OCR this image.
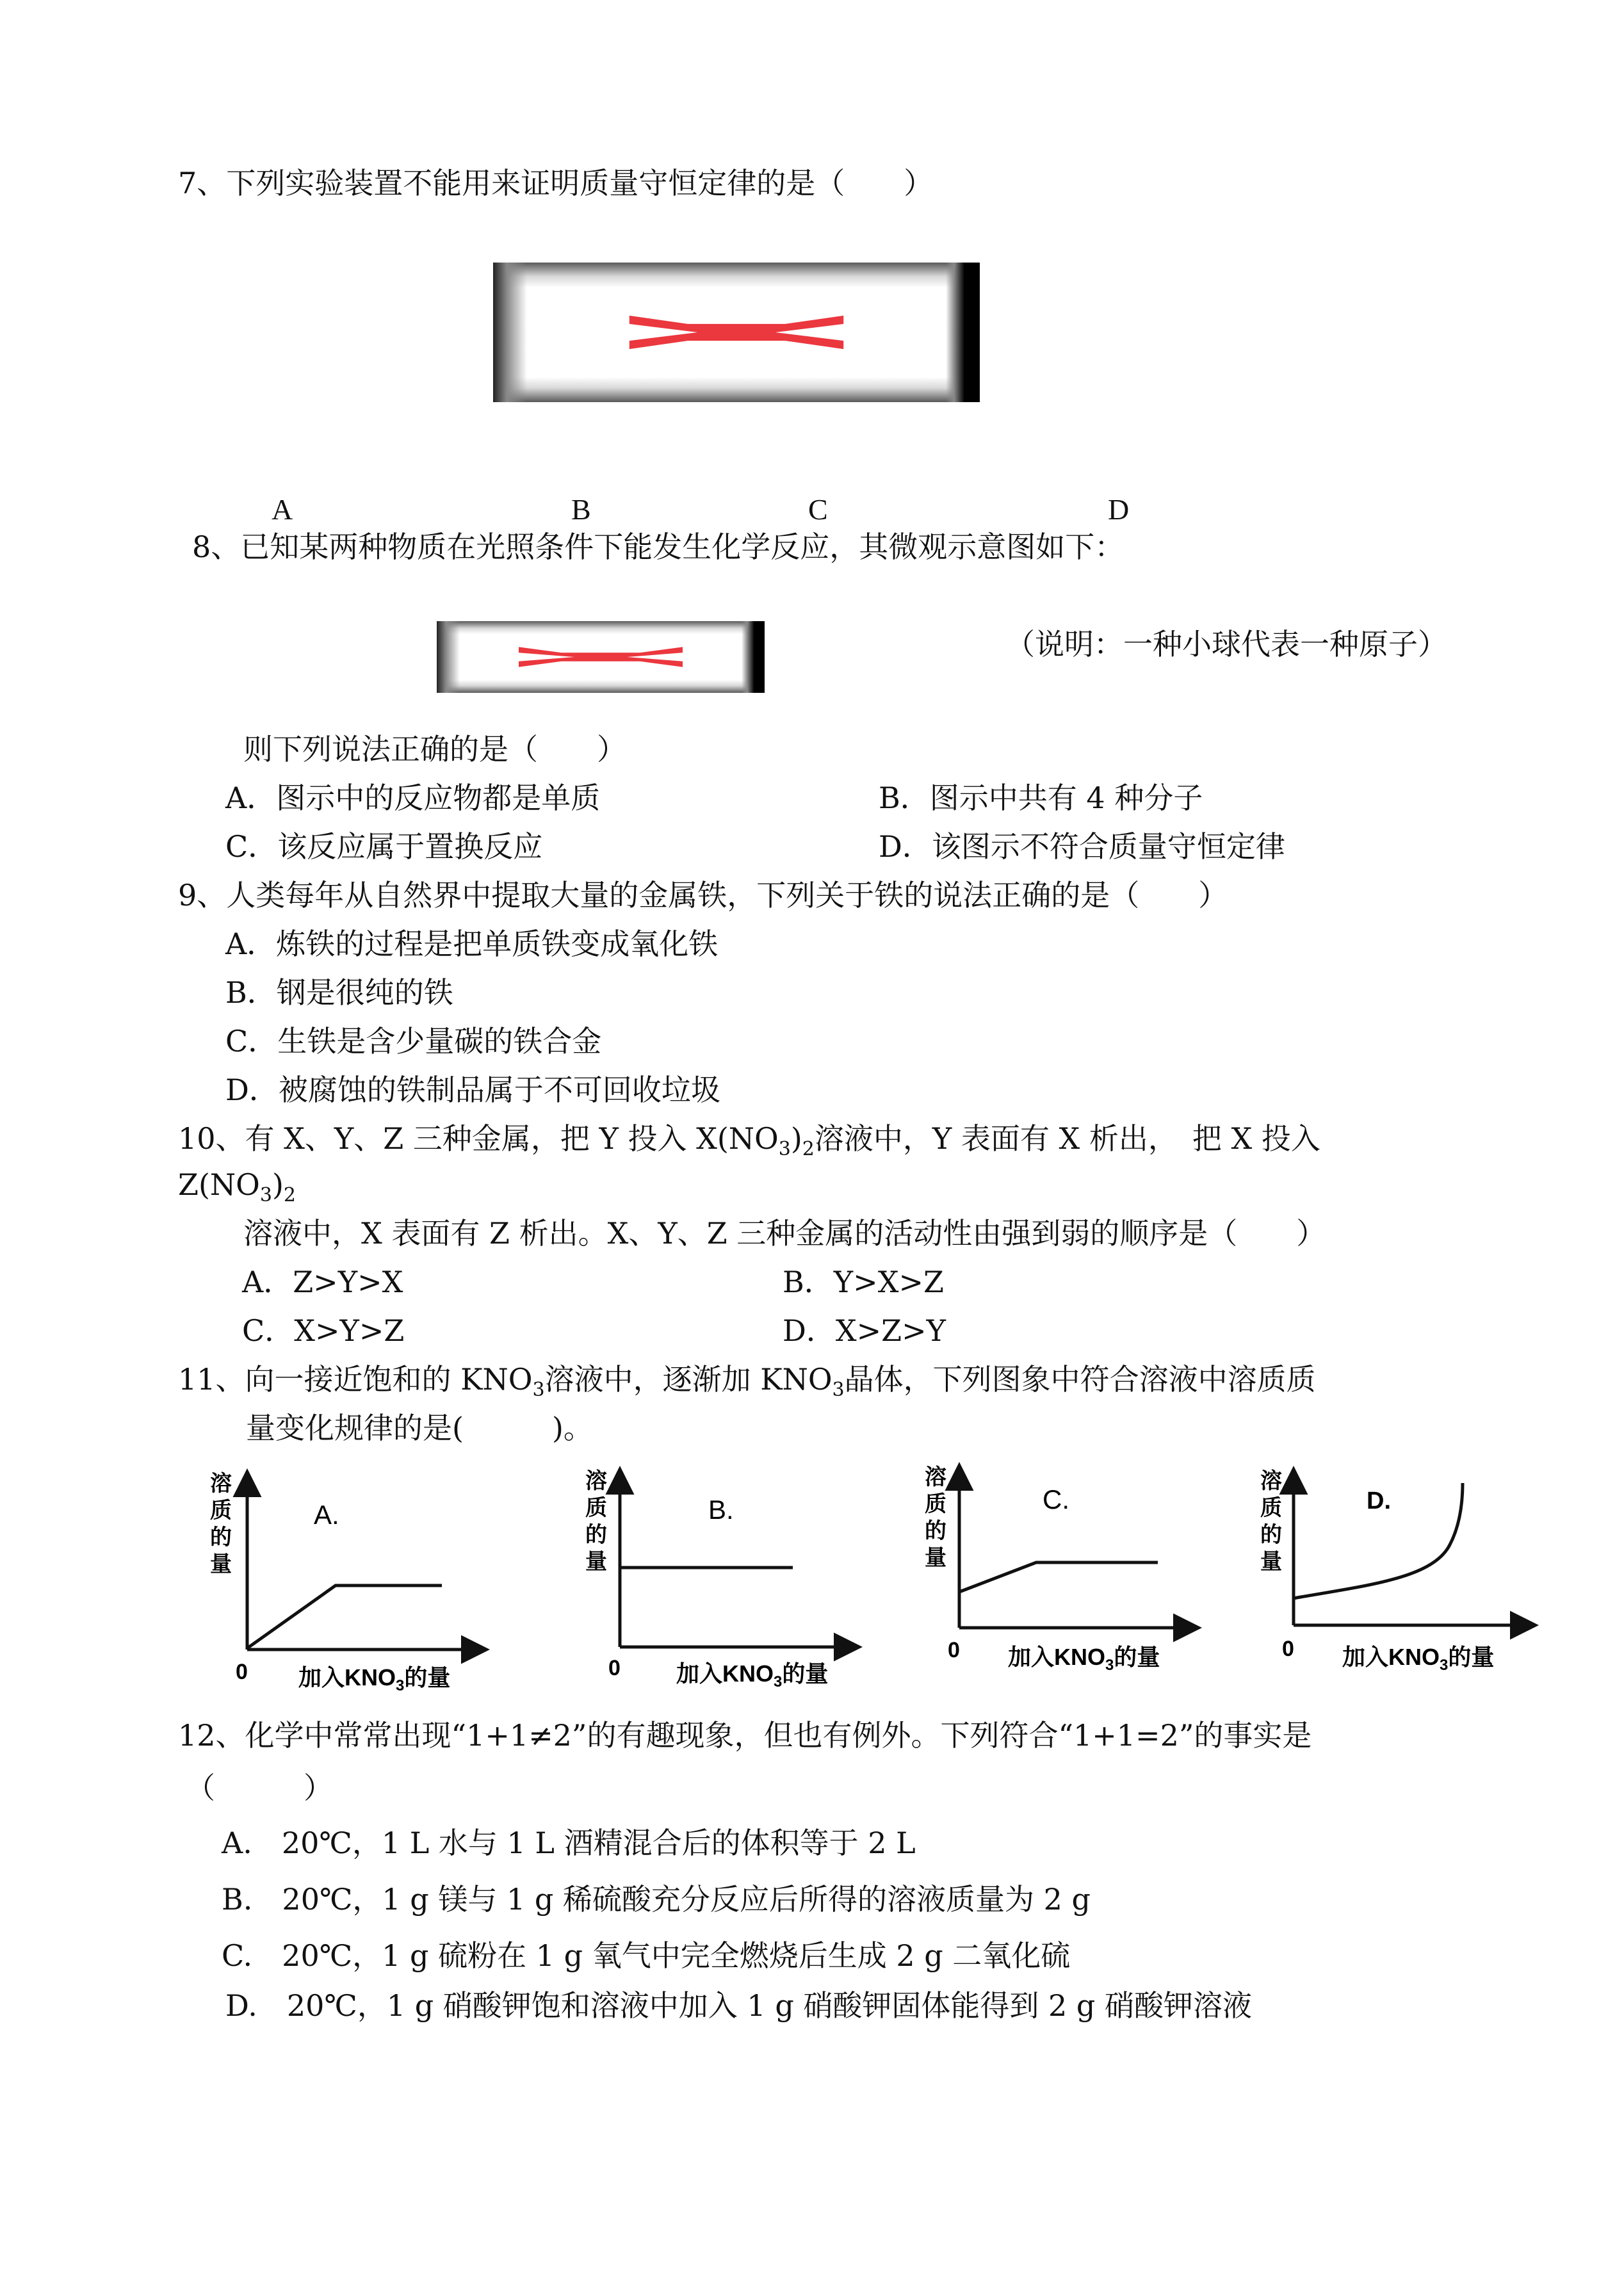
7、下列实验装置不能用来证明质量守恒定律的是（　　）
A	B	C	D
8、已知某两种物质在光照条件下能发生化学反应，其微观示意图如下：
（说明：一种小球代表一种原子）
则下列说法正确的是（　　）
A．图示中的反应物都是单质	B．图示中共有 4 种分子
C．该反应属于置换反应	D．该图示不符合质量守恒定律
9、人类每年从自然界中提取大量的金属铁，下列关于铁的说法正确的是（　　）
A．炼铁的过程是把单质铁变成氧化铁
B．钢是很纯的铁
C．生铁是含少量碳的铁合金
D．被腐蚀的铁制品属于不可回收垃圾
10、有 X、Y、Z 三种金属，把 Y 投入 $X(NO_3)_2$溶液中，Y 表面有 X 析出，　把 X 投入
$Z(NO_3)_2$
溶液中，X 表面有 Z 析出。X、Y、Z 三种金属的活动性由强到弱的顺序是（　　）
A．Z>Y>X	B．Y>X>Z
C．X>Y>Z	D．X>Z>Y
11、向一接近饱和的 $KNO_3$溶液中，逐渐加 $KNO_3$晶体，下列图象中符合溶液中溶质质
量变化规律的是(　　　)。
溶
质
的
量
A.
0 加入$KNO_3$的量
溶
质
的
量
B.
0 加入$KNO_3$的量
溶
质
的
量
C.
0 加入$KNO_3$的量
溶
质
的
量
D.
0 加入$KNO_3$的量
12、化学中常常出现“1+1≠2”的有趣现象，但也有例外。下列符合“1+1=2”的事实是
（　　　）
A.　20℃，1 L 水与 1 L 酒精混合后的体积等于 2 L
B.　20℃，1 g 镁与 1 g 稀硫酸充分反应后所得的溶液质量为 2 g
C.　20℃，1 g 硫粉在 1 g 氧气中完全燃烧后生成 2 g 二氧化硫
D.　20℃，1 g 硝酸钾饱和溶液中加入 1 g 硝酸钾固体能得到 2 g 硝酸钾溶液
